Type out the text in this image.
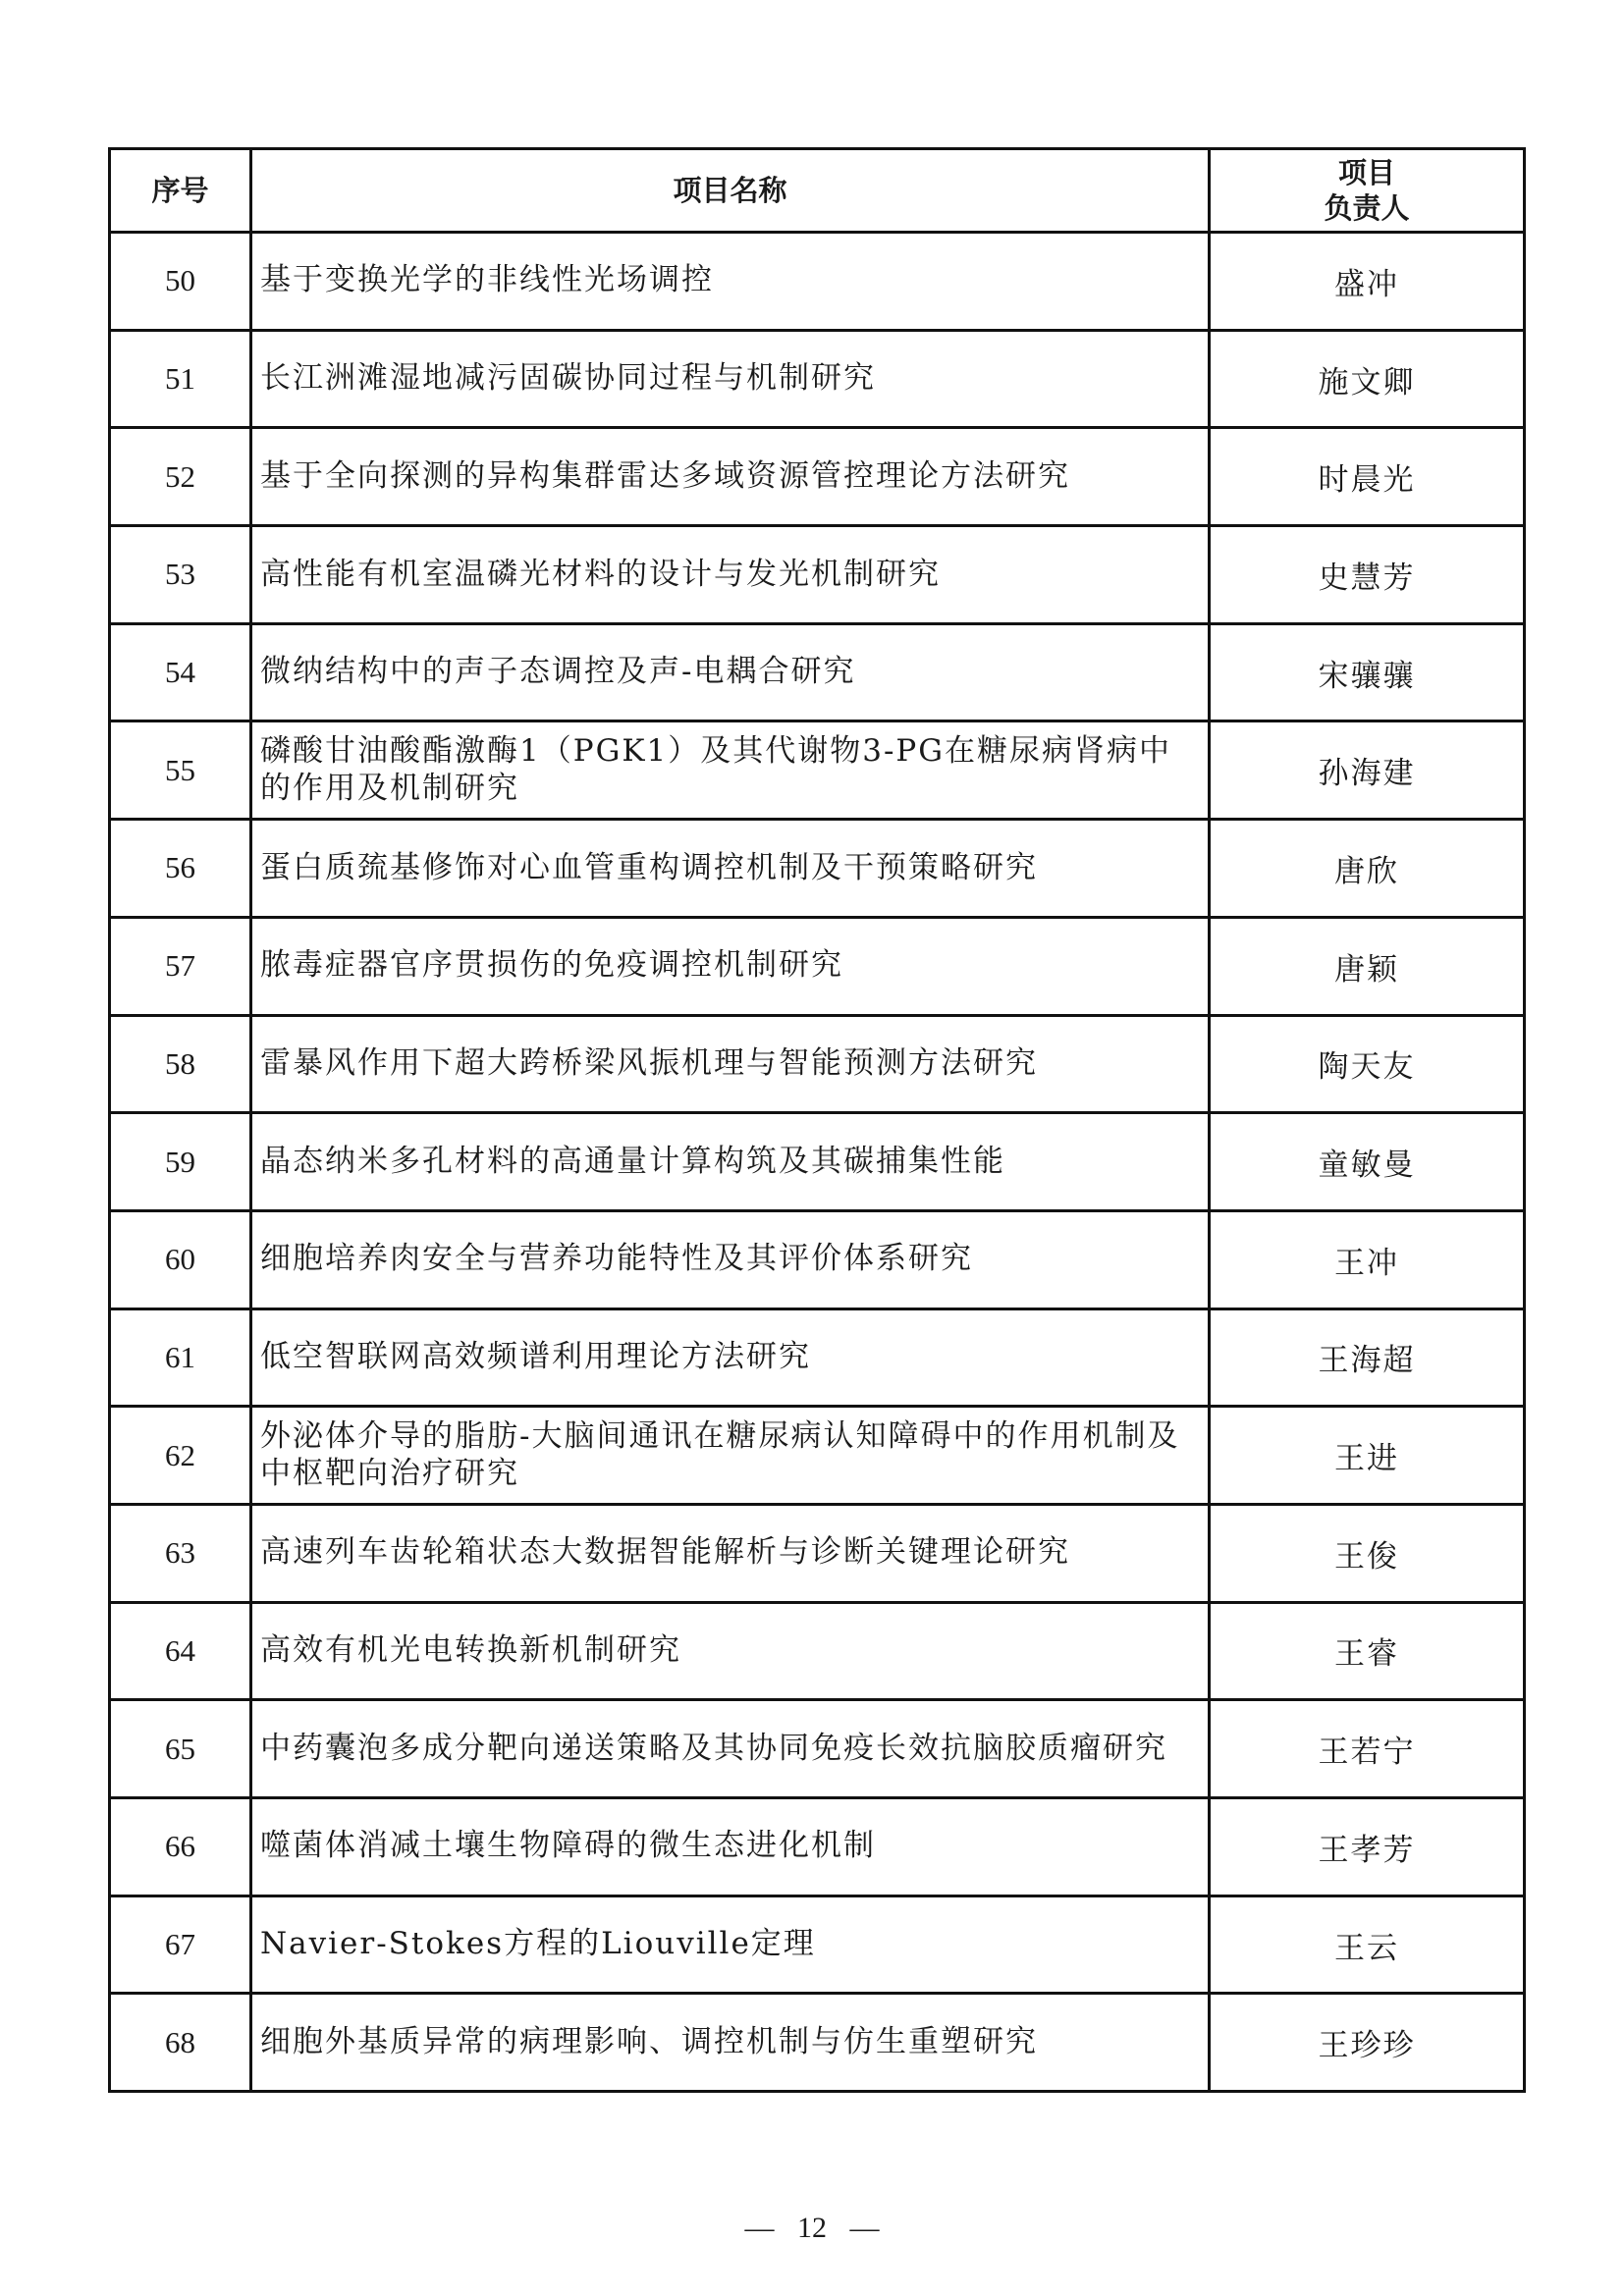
序号	项目名称	项目
负责人

50	基于变换光学的非线性光场调控	盛冲
51	长江洲滩湿地减污固碳协同过程与机制研究	施文卿
52	基于全向探测的异构集群雷达多域资源管控理论方法研究	时晨光
53	高性能有机室温磷光材料的设计与发光机制研究	史慧芳
54	微纳结构中的声子态调控及声-电耦合研究	宋骧骧
55	磷酸甘油酸酯激酶1（PGK1）及其代谢物3-PG在糖尿病肾病中的作用及机制研究	孙海建
56	蛋白质巯基修饰对心血管重构调控机制及干预策略研究	唐欣
57	脓毒症器官序贯损伤的免疫调控机制研究	唐颖
58	雷暴风作用下超大跨桥梁风振机理与智能预测方法研究	陶天友
59	晶态纳米多孔材料的高通量计算构筑及其碳捕集性能	童敏曼
60	细胞培养肉安全与营养功能特性及其评价体系研究	王冲
61	低空智联网高效频谱利用理论方法研究	王海超
62	外泌体介导的脂肪-大脑间通讯在糖尿病认知障碍中的作用机制及中枢靶向治疗研究	王进
63	高速列车齿轮箱状态大数据智能解析与诊断关键理论研究	王俊
64	高效有机光电转换新机制研究	王睿
65	中药囊泡多成分靶向递送策略及其协同免疫长效抗脑胶质瘤研究	王若宁
66	噬菌体消减土壤生物障碍的微生态进化机制	王孝芳
67	Navier-Stokes方程的Liouville定理	王云
68	细胞外基质异常的病理影响、调控机制与仿生重塑研究	王珍珍
— 12 —
